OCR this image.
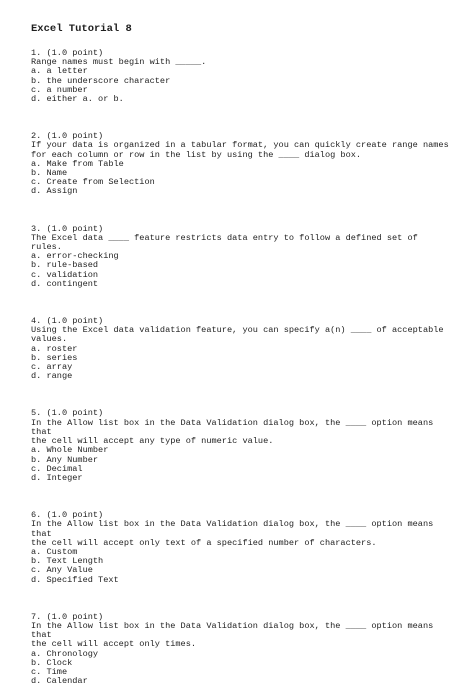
Excel Tutorial 8
1. (1.0 point)
Range names must begin with _____.
a. a letter
b. the underscore character
c. a number
d. either a. or b.
2. (1.0 point)
If your data is organized in a tabular format, you can quickly create range names
for each column or row in the list by using the ____ dialog box.
a. Make from Table
b. Name
c. Create from Selection
d. Assign
3. (1.0 point)
The Excel data ____ feature restricts data entry to follow a defined set of rules.
a. error-checking
b. rule-based
c. validation
d. contingent
4. (1.0 point)
Using the Excel data validation feature, you can specify a(n) ____ of acceptable
values.
a. roster
b. series
c. array
d. range
5. (1.0 point)
In the Allow list box in the Data Validation dialog box, the ____ option means that
the cell will accept any type of numeric value.
a. Whole Number
b. Any Number
c. Decimal
d. Integer
6. (1.0 point)
In the Allow list box in the Data Validation dialog box, the ____ option means that
the cell will accept only text of a specified number of characters.
a. Custom
b. Text Length
c. Any Value
d. Specified Text
7. (1.0 point)
In the Allow list box in the Data Validation dialog box, the ____ option means that
the cell will accept only times.
a. Chronology
b. Clock
c. Time
d. Calendar
